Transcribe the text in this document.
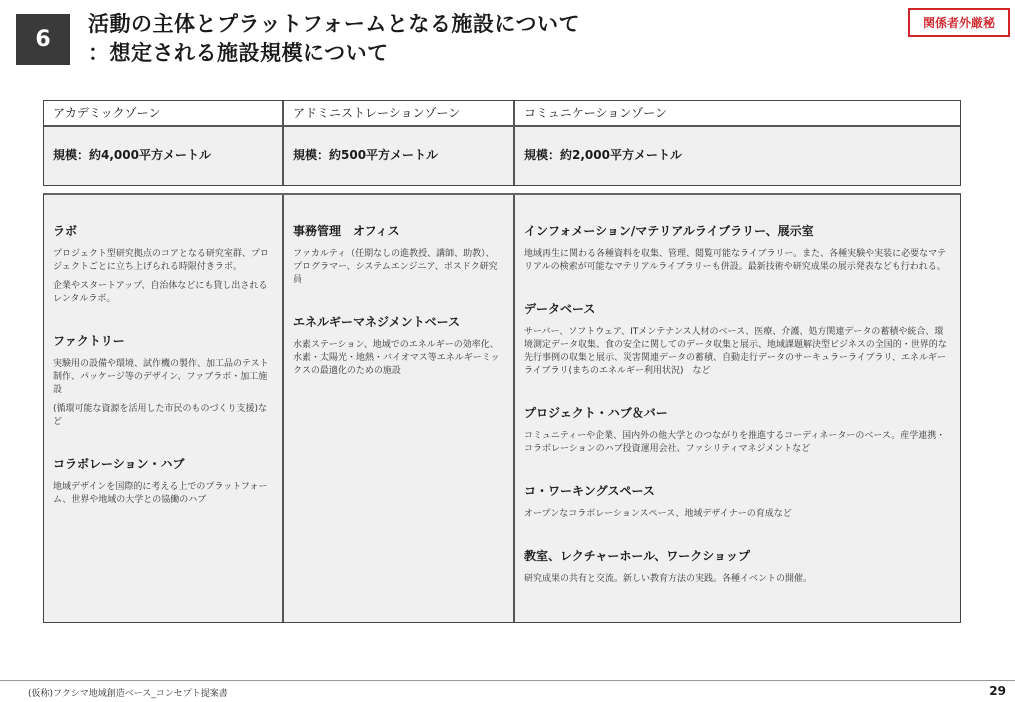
6
活動の主体とプラットフォームとなる施設について
：想定される施設規模について
関係者外厳秘
アカデミックゾーン
規模：約4,000平方メートル
アドミニストレーションゾーン
規模：約500平方メートル
コミュニケーションゾーン
規模：約2,000平方メートル
ラボ

プロジェクト型研究拠点のコアとなる研究室群、プロジェクトごとに立ち上げられる時限付きラボ。

企業やスタートアップ、自治体などにも貸し出されるレンタルラボ。

ファクトリー

実験用の設備や環境、試作機の製作、加工品のテスト制作、パッケージ等のデザイン、ファブラボ・加工施設

(循環可能な資源を活用した市民のものづくり支援)など

コラボレーション・ハブ

地域デザインを国際的に考える上でのプラットフォーム、世界や地域の大学との協働のハブ

事務管理　オフィス

ファカルティ（任期なしの進教授、講師、助教）、プログラマー、システムエンジニア、ポスドク研究員

エネルギーマネジメントベース

水素ステーション、地域でのエネルギーの効率化、水素・太陽光・地熱・バイオマス等エネルギーミックスの最適化のための施設

インフォメーション/マテリアルライブラリー、展示室

地域再生に関わる各種資料を収集、管理、閲覧可能なライブラリー。また、各種実験や実装に必要なマテリアルの検索が可能なマテリアルライブラリーも併設。最新技術や研究成果の展示発表なども行われる。

データベース

サーバー、ソフトウェア、ITメンテナンス人材のベース、医療、介護、処方関連データの蓄積や統合、環境測定データ収集、食の安全に関してのデータ収集と展示、地域課題解決型ビジネスの全国的・世界的な先行事例の収集と展示、災害関連データの蓄積、自動走行データのサーキュラーライブラリ、エネルギーライブラリ(まちのエネルギー利用状況)　など

プロジェクト・ハブ＆バー

コミュニティーや企業、国内外の他大学とのつながりを推進するコーディネーターのベース。産学連携・コラボレーションのハブ投資運用会社、ファシリティマネジメントなど

コ・ワーキングスペース

オープンなコラボレーションスペース、地域デザイナーの育成など

教室、レクチャーホール、ワークショップ

研究成果の共有と交流。新しい教育方法の実践。各種イベントの開催。

(仮称)フクシマ地域創造ベース_コンセプト提案書	29
